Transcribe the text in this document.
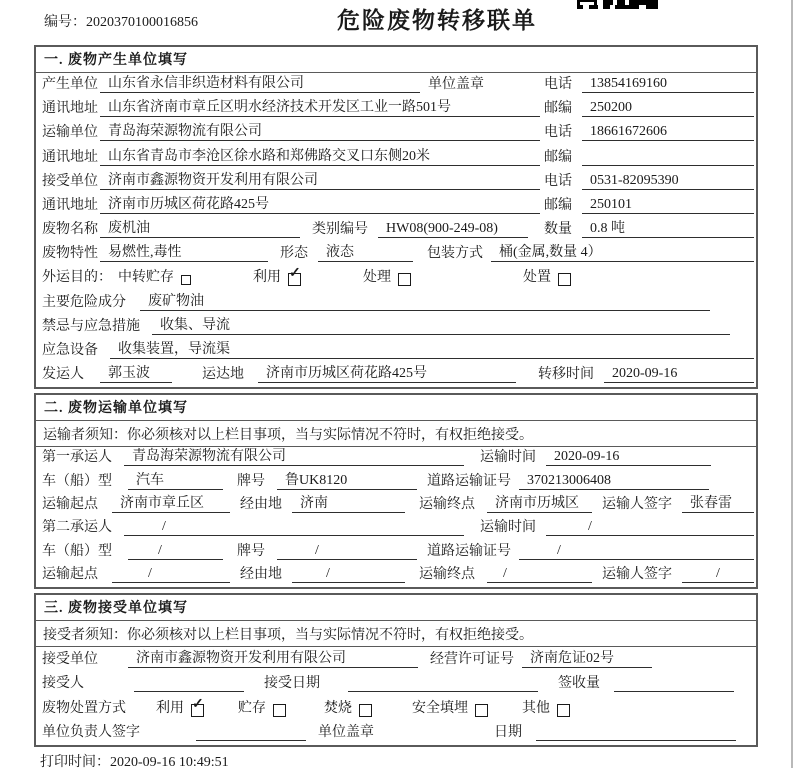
编号：2020370100016856	危险废物转移联单
一. 废物产生单位填写
产生单位 山东省永信非织造材料有限公司	单位盖章	电话	13854169160
通讯地址 山东省济南市章丘区明水经济技术开发区工业一路501号	邮编	250200
运输单位 青岛海荣源物流有限公司	电话	18661672606
通讯地址 山东省青岛市李沧区徐水路和郑佛路交叉口东侧20米	邮编
接受单位 济南市鑫源物资开发利用有限公司	电话	0531-82095390
通讯地址 济南市历城区荷花路425号	邮编	250101
废物名称 废机油	类别编号	HW08(900-249-08)	数量	0.8 吨
废物特性 易燃性,毒性	形态	液态	包装方式	桶(金属,数量 4）
外运目的： 中转贮存	利用 ✓	处理	处置
主要危险成分	废矿物油
禁忌与应急措施	收集、导流
应急设备	收集装置，导流渠
发运人	郭玉波	运达地	济南市历城区荷花路425号	转移时间	2020-09-16
二. 废物运输单位填写
运输者须知：你必须核对以上栏目事项，当与实际情况不符时，有权拒绝接受。
第一承运人	青岛海荣源物流有限公司	运输时间	2020-09-16
车（船）型	汽车	牌号	鲁UK8120	道路运输证号	370213006408
运输起点	济南市章丘区	经由地	济南	运输终点	济南市历城区	运输人签字	张春雷
第二承运人	/	运输时间	/
车（船）型	/	牌号	/	道路运输证号	/
运输起点	/	经由地	/	运输终点	/	运输人签字	/
三. 废物接受单位填写
接受者须知：你必须核对以上栏目事项，当与实际情况不符时，有权拒绝接受。
接受单位	济南市鑫源物资开发利用有限公司	经营许可证号	济南危证02号
接受人	接受日期	签收量
废物处置方式 利用 ✓ 贮存	焚烧	安全填埋	其他
单位负责人签字	单位盖章	日期
打印时间：2020-09-16 10:49:51
